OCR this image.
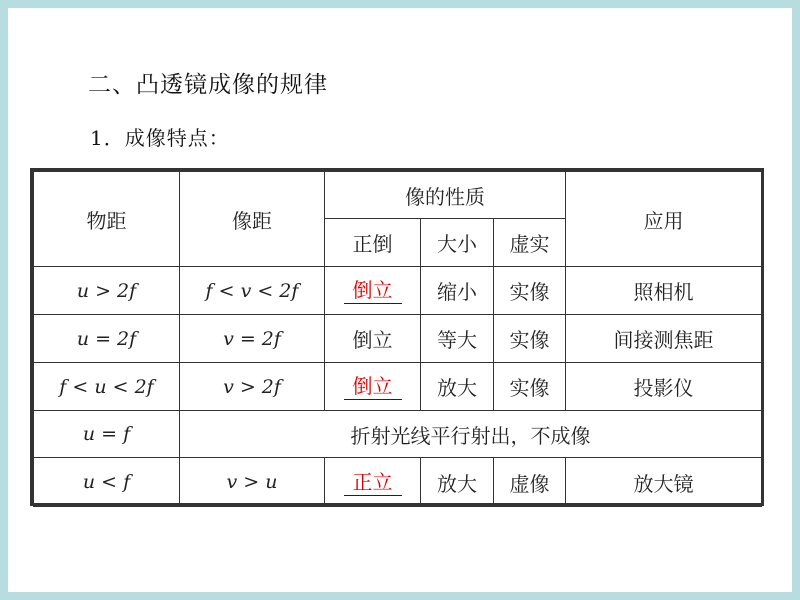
二、凸透镜成像的规律
1．成像特点：
物距	像距	像的性质			应用
		正倒	大小	虚实	
u > 2f	f < v < 2f	倒立	缩小	实像	照相机
u = 2f	v = 2f	倒立	等大	实像	间接测焦距
f < u < 2f	v > 2f	倒立	放大	实像	投影仪
u = f	折射光线平行射出，不成像				
u < f	v > u	正立	放大	虚像	放大镜
